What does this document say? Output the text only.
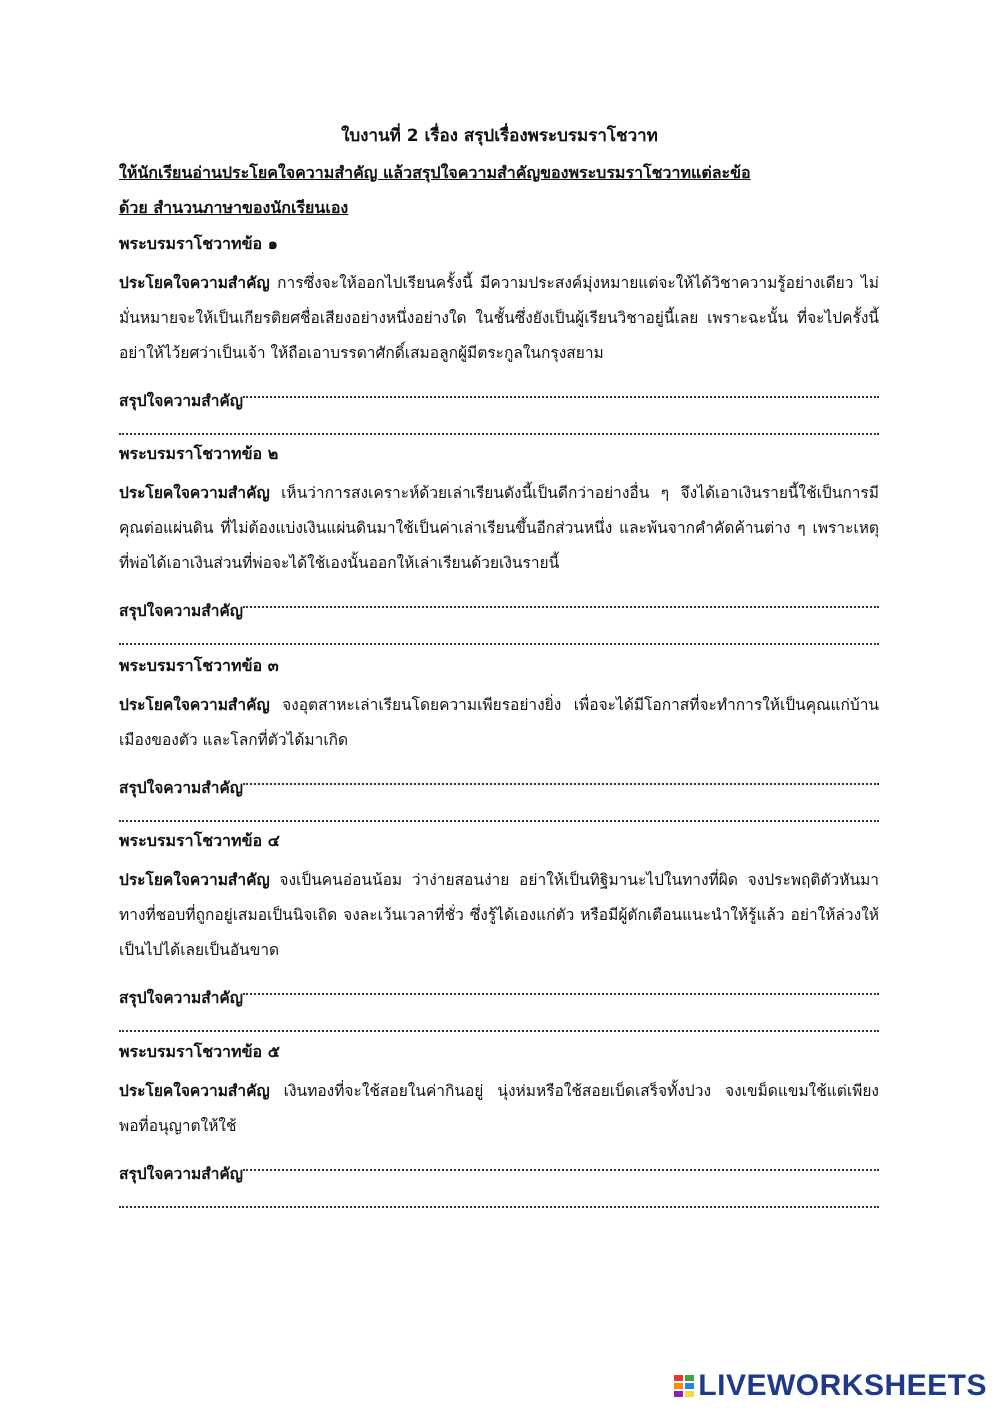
ใบงานที่ 2 เรื่อง สรุปเรื่องพระบรมราโชวาท
ให้นักเรียนอ่านประโยคใจความสำคัญ แล้วสรุปใจความสำคัญของพระบรมราโชวาทแต่ละข้อ
ด้วย สำนวนภาษาของนักเรียนเอง
พระบรมราโชวาทข้อ ๑

ประโยคใจความสำคัญ การซึ่งจะให้ออกไปเรียนครั้งนี้ มีความประสงค์มุ่งหมายแต่จะให้ได้วิชาความรู้อย่างเดียว ไม่มั่นหมายจะให้เป็นเกียรติยศชื่อเสียงอย่างหนึ่งอย่างใด ในชั้นซึ่งยังเป็นผู้เรียนวิชาอยู่นี้เลย เพราะฉะนั้น ที่จะไปครั้งนี้ อย่าให้ไว้ยศว่าเป็นเจ้า ให้ถือเอาบรรดาศักดิ์เสมอลูกผู้มีตระกูลในกรุงสยาม

สรุปใจความสำคัญ
พระบรมราโชวาทข้อ ๒

ประโยคใจความสำคัญ เห็นว่าการสงเคราะห์ด้วยเล่าเรียนดังนี้เป็นดีกว่าอย่างอื่น ๆ จึงได้เอาเงินรายนี้ใช้เป็นการมีคุณต่อแผ่นดิน ที่ไม่ต้องแบ่งเงินแผ่นดินมาใช้เป็นค่าเล่าเรียนขึ้นอีกส่วนหนึ่ง และพ้นจากคำคัดค้านต่าง ๆ เพราะเหตุที่พ่อได้เอาเงินส่วนที่พ่อจะได้ใช้เองนั้นออกให้เล่าเรียนด้วยเงินรายนี้

สรุปใจความสำคัญ
พระบรมราโชวาทข้อ ๓

ประโยคใจความสำคัญ จงอุตสาหะเล่าเรียนโดยความเพียรอย่างยิ่ง เพื่อจะได้มีโอกาสที่จะทำการให้เป็นคุณแก่บ้านเมืองของตัว และโลกที่ตัวได้มาเกิด

สรุปใจความสำคัญ
พระบรมราโชวาทข้อ ๔

ประโยคใจความสำคัญ จงเป็นคนอ่อนน้อม ว่าง่ายสอนง่าย อย่าให้เป็นทิฐิมานะไปในทางที่ผิด จงประพฤติตัวหันมาทางที่ชอบที่ถูกอยู่เสมอเป็นนิจเถิด จงละเว้นเวลาที่ชั่ว ซึ่งรู้ได้เองแก่ตัว หรือมีผู้ตักเตือนแนะนำให้รู้แล้ว อย่าให้ล่วงให้เป็นไปได้เลยเป็นอันขาด

สรุปใจความสำคัญ
พระบรมราโชวาทข้อ ๕

ประโยคใจความสำคัญ เงินทองที่จะใช้สอยในค่ากินอยู่ นุ่งห่มหรือใช้สอยเบ็ดเสร็จทั้งปวง จงเขม็ดแขมใช้แต่เพียงพอที่อนุญาตให้ใช้

สรุปใจความสำคัญ
LIVEWORKSHEETS
